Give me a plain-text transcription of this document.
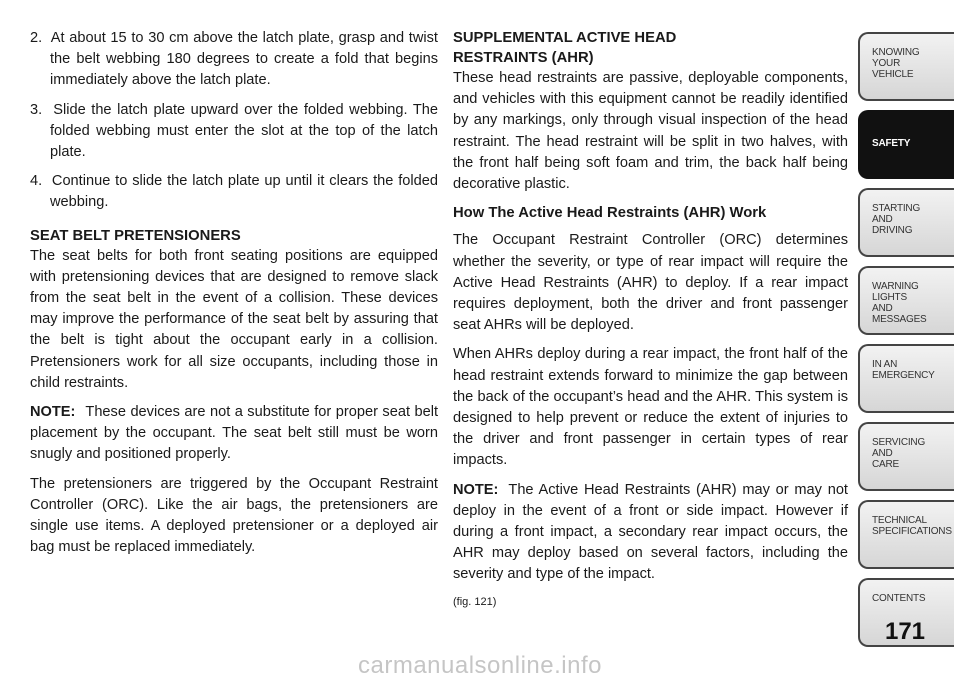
2. At about 15 to 30 cm above the latch plate, grasp and twist the belt webbing 180 degrees to create a fold that begins immediately above the latch plate.

3. Slide the latch plate upward over the folded webbing. The folded webbing must enter the slot at the top of the latch plate.

4. Continue to slide the latch plate up until it clears the folded webbing.

SEAT BELT PRETENSIONERS

The seat belts for both front seating positions are equipped with pretensioning devices that are designed to remove slack from the seat belt in the event of a collision. These devices may improve the performance of the seat belt by assuring that the belt is tight about the occupant early in a collision. Pretensioners work for all size occupants, including those in child restraints.

NOTE: These devices are not a substitute for proper seat belt placement by the occupant. The seat belt still must be worn snugly and positioned properly.

The pretensioners are triggered by the Occupant Restraint Controller (ORC). Like the air bags, the pretensioners are single use items. A deployed pretensioner or a deployed air bag must be replaced immediately.

SUPPLEMENTAL ACTIVE HEAD
RESTRAINTS (AHR)

These head restraints are passive, deployable components, and vehicles with this equipment cannot be readily identified by any markings, only through visual inspection of the head restraint. The head restraint will be split in two halves, with the front half being soft foam and trim, the back half being decorative plastic.

How The Active Head Restraints (AHR) Work

The Occupant Restraint Controller (ORC) determines whether the severity, or type of rear impact will require the Active Head Restraints (AHR) to deploy. If a rear impact requires deployment, both the driver and front passenger seat AHRs will be deployed.

When AHRs deploy during a rear impact, the front half of the head restraint extends forward to minimize the gap between the back of the occupant’s head and the AHR. This system is designed to help prevent or reduce the extent of injuries to the driver and front passenger in certain types of rear impacts.

NOTE: The Active Head Restraints (AHR) may or may not deploy in the event of a front or side impact. However if during a front impact, a secondary rear impact occurs, the AHR may deploy based on several factors, including the severity and type of the impact.

(fig. 121)
KNOWING
YOUR
VEHICLE
SAFETY
STARTING
AND
DRIVING
WARNING
LIGHTS
AND
MESSAGES
IN AN
EMERGENCY
SERVICING
AND
CARE
TECHNICAL
SPECIFICATIONS
CONTENTS
171
carmanualsonline.info
